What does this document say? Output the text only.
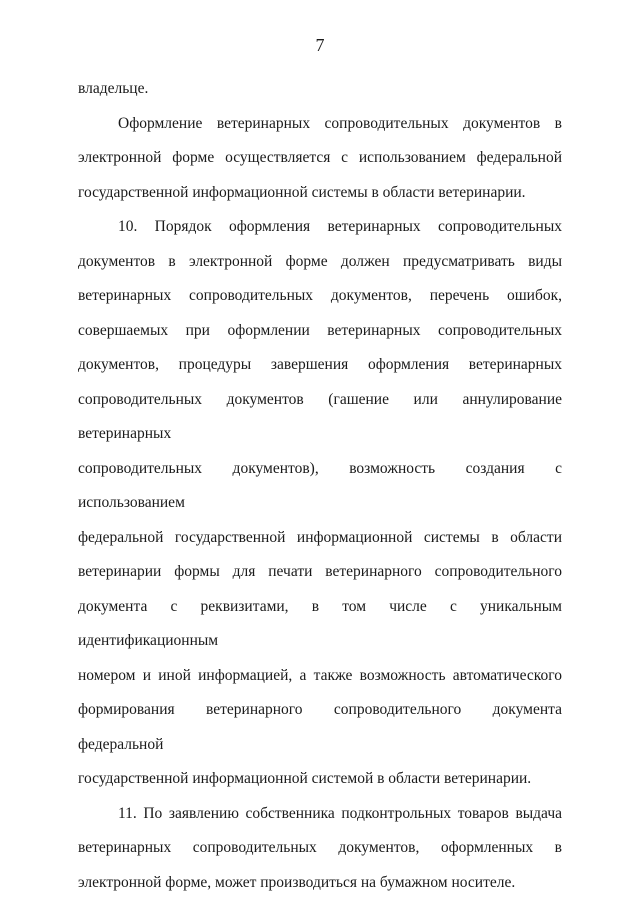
7

владельце.

Оформление ветеринарных сопроводительных документов в
электронной форме осуществляется с использованием федеральной
государственной информационной системы в области ветеринарии.

10. Порядок оформления ветеринарных сопроводительных
документов в электронной форме должен предусматривать виды
ветеринарных сопроводительных документов, перечень ошибок,
совершаемых при оформлении ветеринарных сопроводительных
документов, процедуры завершения оформления ветеринарных
сопроводительных документов (гашение или аннулирование ветеринарных
сопроводительных документов), возможность создания с использованием
федеральной государственной информационной системы в области
ветеринарии формы для печати ветеринарного сопроводительного
документа с реквизитами, в том числе с уникальным идентификационным
номером и иной информацией, а также возможность автоматического
формирования ветеринарного сопроводительного документа федеральной
государственной информационной системой в области ветеринарии.

11. По заявлению собственника подконтрольных товаров выдача
ветеринарных сопроводительных документов, оформленных в
электронной форме, может производиться на бумажном носителе.
